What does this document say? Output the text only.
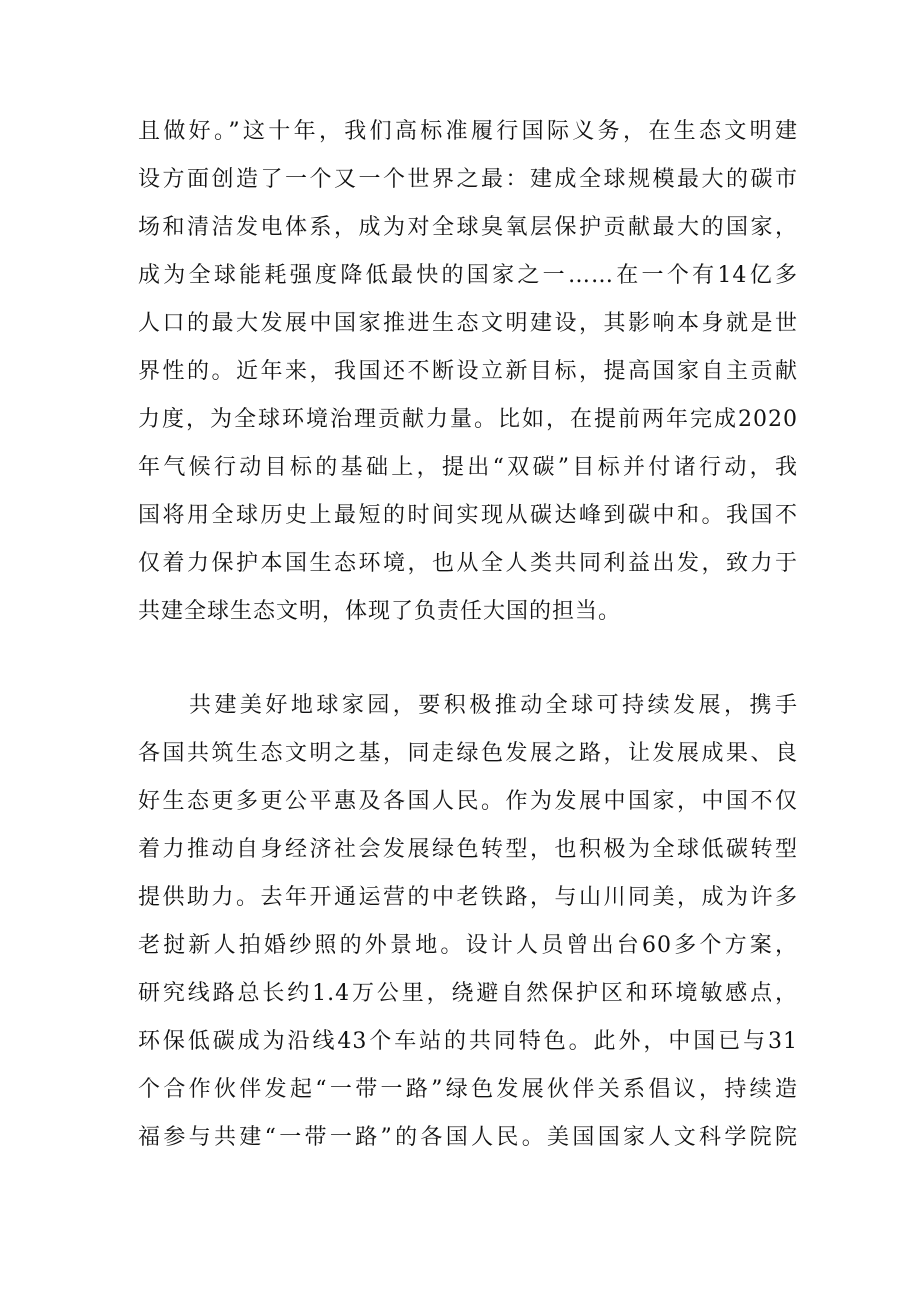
且做好。”这十年，我们高标准履行国际义务，在生态文明建
设方面创造了一个又一个世界之最：建成全球规模最大的碳市
场和清洁发电体系，成为对全球臭氧层保护贡献最大的国家，
成为全球能耗强度降低最快的国家之一……在一个有14亿多
人口的最大发展中国家推进生态文明建设，其影响本身就是世
界性的。近年来，我国还不断设立新目标，提高国家自主贡献
力度，为全球环境治理贡献力量。比如，在提前两年完成2020
年气候行动目标的基础上，提出“双碳”目标并付诸行动，我
国将用全球历史上最短的时间实现从碳达峰到碳中和。我国不
仅着力保护本国生态环境，也从全人类共同利益出发，致力于
共建全球生态文明，体现了负责任大国的担当。
　　共建美好地球家园，要积极推动全球可持续发展，携手
各国共筑生态文明之基，同走绿色发展之路，让发展成果、良
好生态更多更公平惠及各国人民。作为发展中国家，中国不仅
着力推动自身经济社会发展绿色转型，也积极为全球低碳转型
提供助力。去年开通运营的中老铁路，与山川同美，成为许多
老挝新人拍婚纱照的外景地。设计人员曾出台60多个方案，
研究线路总长约1.4万公里，绕避自然保护区和环境敏感点，
环保低碳成为沿线43个车站的共同特色。此外，中国已与31
个合作伙伴发起“一带一路”绿色发展伙伴关系倡议，持续造
福参与共建“一带一路”的各国人民。美国国家人文科学院院
